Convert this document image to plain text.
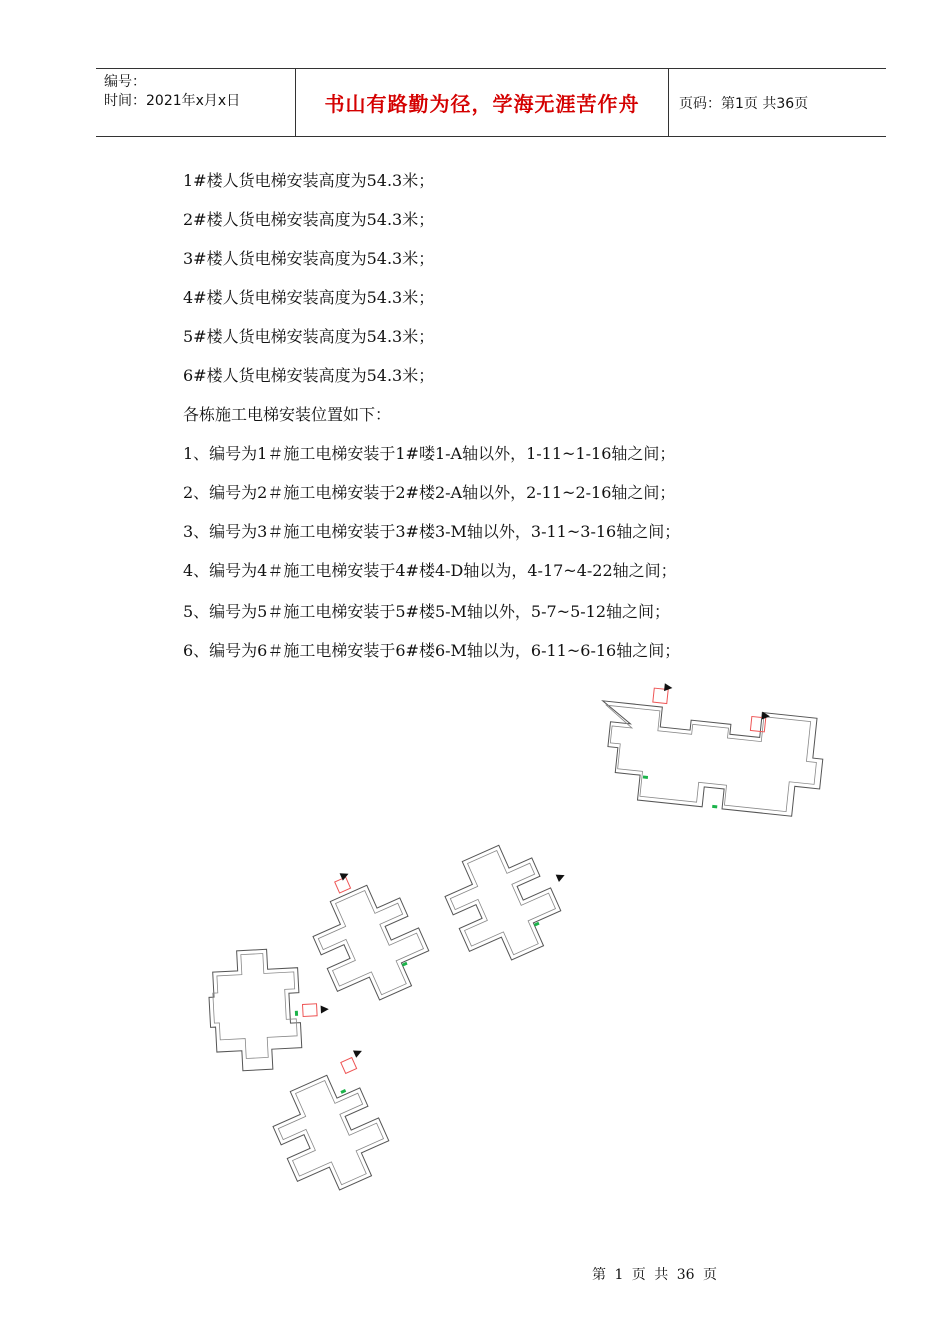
编号：
时间：2021年x月x日	书山有路勤为径，学海无涯苦作舟	页码：第1页 共36页
1#楼人货电梯安装高度为54.3米；
2#楼人货电梯安装高度为54.3米；
3#楼人货电梯安装高度为54.3米；
4#楼人货电梯安装高度为54.3米；
5#楼人货电梯安装高度为54.3米；
6#楼人货电梯安装高度为54.3米；
各栋施工电梯安装位置如下：
1、编号为1＃施工电梯安装于1#喽1-A轴以外，1-11~1-16轴之间；
2、编号为2＃施工电梯安装于2#楼2-A轴以外，2-11~2-16轴之间；
3、编号为3＃施工电梯安装于3#楼3-M轴以外，3-11~3-16轴之间；
4、编号为4＃施工电梯安装于4#楼4-D轴以为，4-17~4-22轴之间；
5、编号为5＃施工电梯安装于5#楼5-M轴以外，5-7~5-12轴之间；
6、编号为6＃施工电梯安装于6#楼6-M轴以为，6-11~6-16轴之间；
第 1 页 共 36 页
